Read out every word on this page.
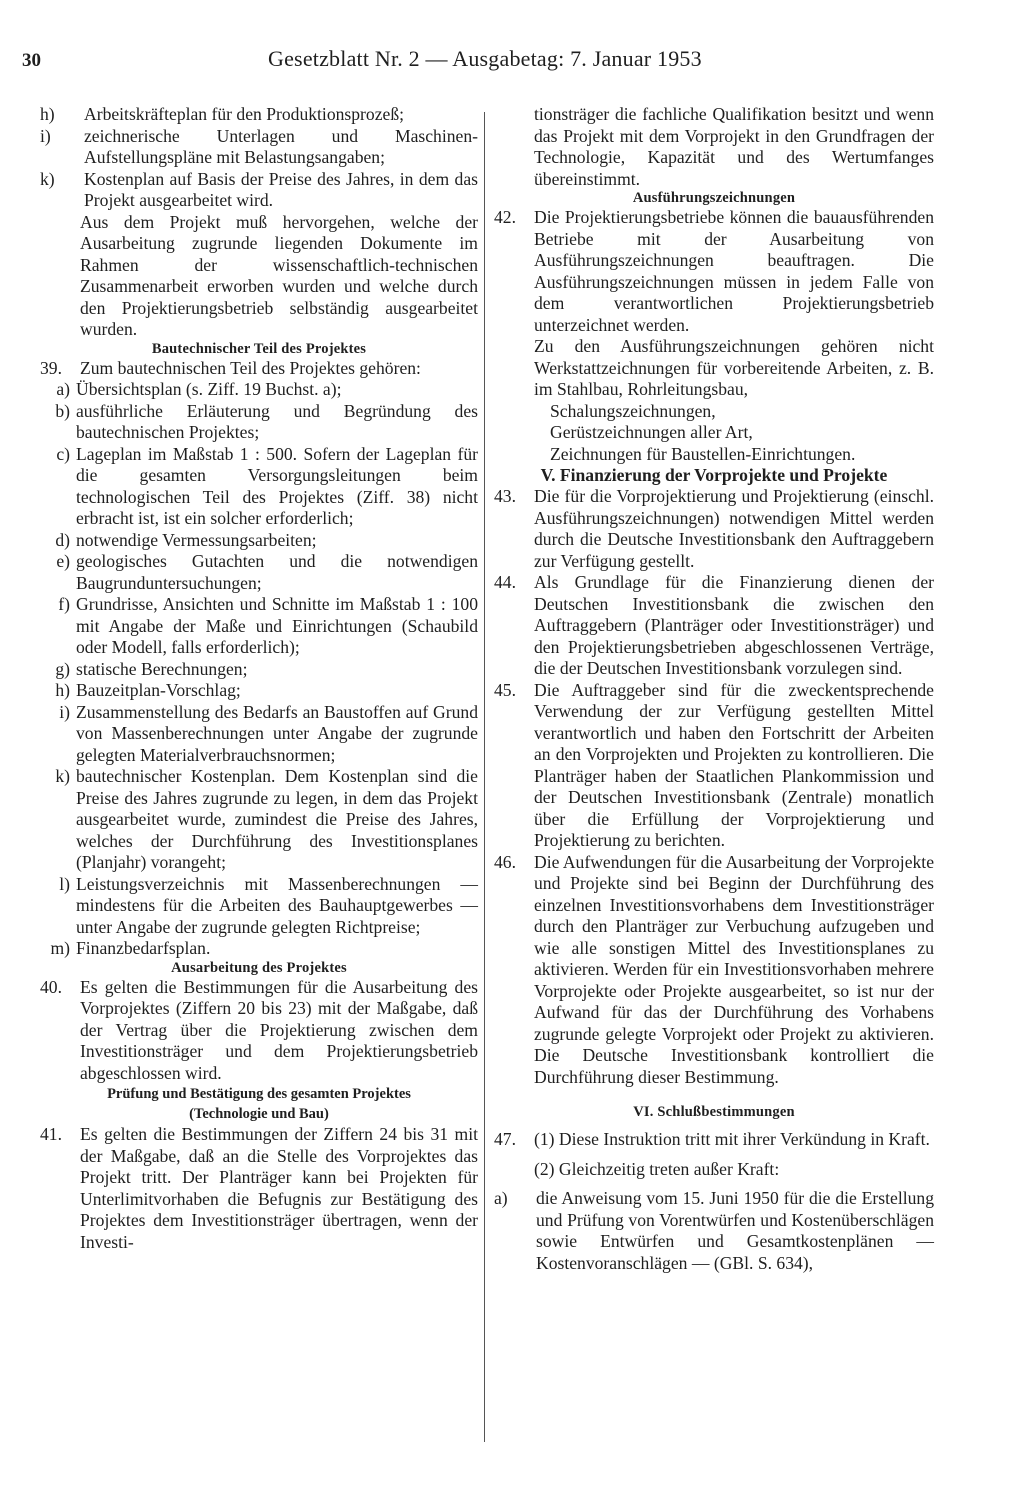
30	Gesetzblatt Nr. 2 — Ausgabetag: 7. Januar 1953
h) Arbeitskräfteplan für den Produktionsprozeß;
i) zeichnerische Unterlagen und Maschinen-Aufstellungspläne mit Belastungsangaben;
k) Kostenplan auf Basis der Preise des Jahres, in dem das Projekt ausgearbeitet wird.

Aus dem Projekt muß hervorgehen, welche der Ausarbeitung zugrunde liegenden Dokumente im Rahmen der wissenschaftlich-technischen Zusammenarbeit erworben wurden und welche durch den Projektierungsbetrieb selbständig ausgearbeitet wurden.

Bautechnischer Teil des Projektes
39. Zum bautechnischen Teil des Projektes gehören:
a) Übersichtsplan (s. Ziff. 19 Buchst. a);
b) ausführliche Erläuterung und Begründung des bautechnischen Projektes;
c) Lageplan im Maßstab 1 : 500. Sofern der Lageplan für die gesamten Versorgungsleitungen beim technologischen Teil des Projektes (Ziff. 38) nicht erbracht ist, ist ein solcher erforderlich;
d) notwendige Vermessungsarbeiten;
e) geologisches Gutachten und die notwendigen Baugrunduntersuchungen;
f) Grundrisse, Ansichten und Schnitte im Maßstab 1 : 100 mit Angabe der Maße und Einrichtungen (Schaubild oder Modell, falls erforderlich);
g) statische Berechnungen;
h) Bauzeitplan-Vorschlag;
i) Zusammenstellung des Bedarfs an Baustoffen auf Grund von Massenberechnungen unter Angabe der zugrunde gelegten Materialverbrauchsnormen;
k) bautechnischer Kostenplan. Dem Kostenplan sind die Preise des Jahres zugrunde zu legen, in dem das Projekt ausgearbeitet wurde, zumindest die Preise des Jahres, welches der Durchführung des Investitionsplanes (Planjahr) vorangeht;
l) Leistungsverzeichnis mit Massenberechnungen — mindestens für die Arbeiten des Bauhauptgewerbes — unter Angabe der zugrunde gelegten Richtpreise;
m) Finanzbedarfsplan.
Ausarbeitung des Projektes
40. Es gelten die Bestimmungen für die Ausarbeitung des Vorprojektes (Ziffern 20 bis 23) mit der Maßgabe, daß der Vertrag über die Projektierung zwischen dem Investitionsträger und dem Projektierungsbetrieb abgeschlossen wird.
Prüfung und Bestätigung des gesamten Projektes
(Technologie und Bau)
41. Es gelten die Bestimmungen der Ziffern 24 bis 31 mit der Maßgabe, daß an die Stelle des Vorprojektes das Projekt tritt. Der Planträger kann bei Projekten für Unterlimitvorhaben die Befugnis zur Bestätigung des Projektes dem Investitionsträger übertragen, wenn der Investi-

tionsträger die fachliche Qualifikation besitzt und wenn das Projekt mit dem Vorprojekt in den Grundfragen der Technologie, Kapazität und des Wertumfanges übereinstimmt.

Ausführungszeichnungen
42. Die Projektierungsbetriebe können die bauausführenden Betriebe mit der Ausarbeitung von Ausführungszeichnungen beauftragen. Die Ausführungszeichnungen müssen in jedem Falle von dem verantwortlichen Projektierungsbetrieb unterzeichnet werden.

Zu den Ausführungszeichnungen gehören nicht Werkstattzeichnungen für vorbereitende Arbeiten, z. B. im Stahlbau, Rohrleitungsbau,

Schalungszeichnungen,
Gerüstzeichnungen aller Art,
Zeichnungen für Baustellen-Einrichtungen.
V. Finanzierung der Vorprojekte und Projekte
43. Die für die Vorprojektierung und Projektierung (einschl. Ausführungszeichnungen) notwendigen Mittel werden durch die Deutsche Investitionsbank den Auftraggebern zur Verfügung gestellt.
44. Als Grundlage für die Finanzierung dienen der Deutschen Investitionsbank die zwischen den Auftraggebern (Planträger oder Investitionsträger) und den Projektierungsbetrieben abgeschlossenen Verträge, die der Deutschen Investitionsbank vorzulegen sind.
45. Die Auftraggeber sind für die zweckentsprechende Verwendung der zur Verfügung gestellten Mittel verantwortlich und haben den Fortschritt der Arbeiten an den Vorprojekten und Projekten zu kontrollieren. Die Planträger haben der Staatlichen Plankommission und der Deutschen Investitionsbank (Zentrale) monatlich über die Erfüllung der Vorprojektierung und Projektierung zu berichten.
46. Die Aufwendungen für die Ausarbeitung der Vorprojekte und Projekte sind bei Beginn der Durchführung des einzelnen Investitionsvorhabens dem Investitionsträger durch den Planträger zur Verbuchung aufzugeben und wie alle sonstigen Mittel des Investitionsplanes zu aktivieren. Werden für ein Investitionsvorhaben mehrere Vorprojekte oder Projekte ausgearbeitet, so ist nur der Aufwand für das der Durchführung des Vorhabens zugrunde gelegte Vorprojekt oder Projekt zu aktivieren. Die Deutsche Investitionsbank kontrolliert die Durchführung dieser Bestimmung.
VI. Schlußbestimmungen
47. (1) Diese Instruktion tritt mit ihrer Verkündung in Kraft.

(2) Gleichzeitig treten außer Kraft:

a)	die Anweisung vom 15. Juni 1950 für die die Erstellung und Prüfung von Vorentwürfen und Kostenüberschlägen sowie Entwürfen und Gesamtkostenplänen — Kostenvoranschlägen — (GBl. S. 634),
